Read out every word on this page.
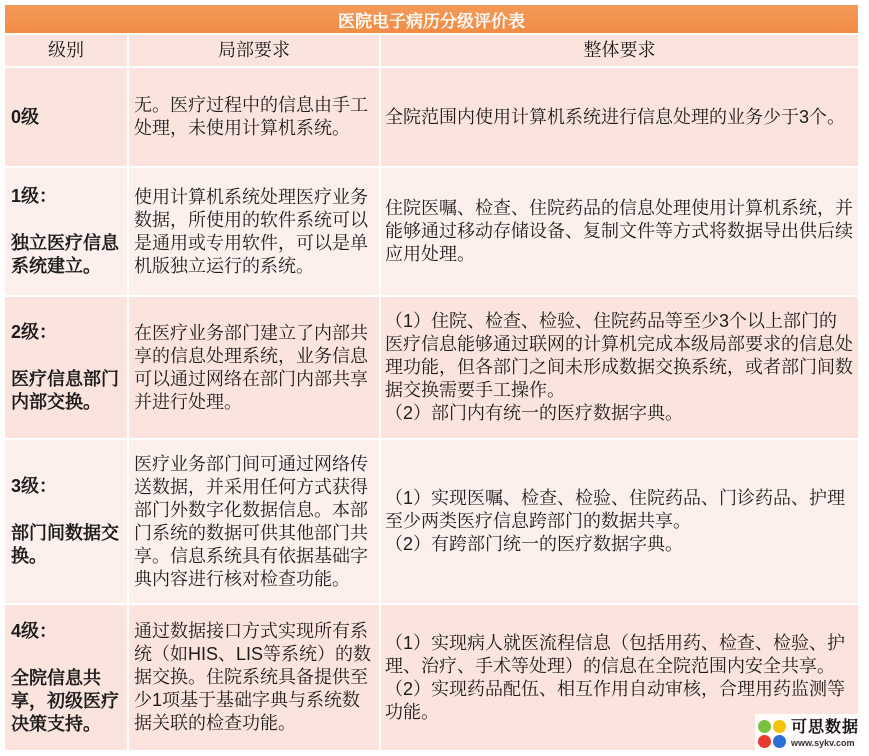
医院电子病历分级评价表
级别	局部要求	整体要求
0级
无。医疗过程中的信息由手工处理，未使用计算机系统。

全院范围内使用计算机系统进行信息处理的业务少于3个。

1级：
独立医疗信息系统建立。
使用计算机系统处理医疗业务数据，所使用的软件系统可以是通用或专用软件，可以是单机版独立运行的系统。

住院医嘱、检查、住院药品的信息处理使用计算机系统，并能够通过移动存储设备、复制文件等方式将数据导出供后续应用处理。

2级：
医疗信息部门内部交换。
在医疗业务部门建立了内部共享的信息处理系统，业务信息可以通过网络在部门内部共享并进行处理。

（1）住院、检查、检验、住院药品等至少3个以上部门的医疗信息能够通过联网的计算机完成本级局部要求的信息处理功能，但各部门之间未形成数据交换系统，或者部门间数据交换需要手工操作。

（2）部门内有统一的医疗数据字典。

3级：
部门间数据交换。
医疗业务部门间可通过网络传送数据，并采用任何方式获得部门外数字化数据信息。本部门系统的数据可供其他部门共享。信息系统具有依据基础字典内容进行核对检查功能。

（1）实现医嘱、检查、检验、住院药品、门诊药品、护理至少两类医疗信息跨部门的数据共享。

（2）有跨部门统一的医疗数据字典。

4级：
全院信息共享，初级医疗决策支持。
通过数据接口方式实现所有系统（如HIS、LIS等系统）的数据交换。住院系统具备提供至少1项基于基础字典与系统数据关联的检查功能。

（1）实现病人就医流程信息（包括用药、检查、检验、护理、治疗、手术等处理）的信息在全院范围内安全共享。

（2）实现药品配伍、相互作用自动审核，合理用药监测等功能。

可思数据
www.sykv.com
